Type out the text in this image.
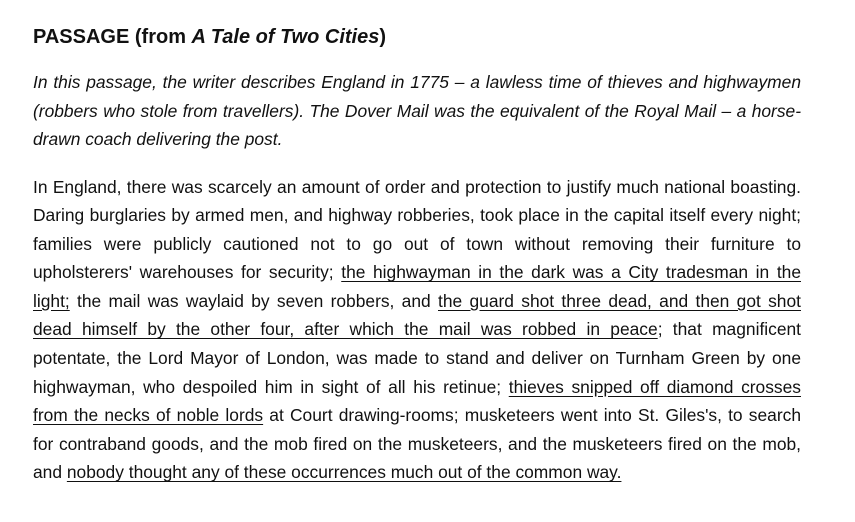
PASSAGE (from A Tale of Two Cities)

In this passage, the writer describes England in 1775 – a lawless time of thieves and highwaymen (robbers who stole from travellers). The Dover Mail was the equivalent of the Royal Mail – a horse-drawn coach delivering the post.

In England, there was scarcely an amount of order and protection to justify much national boasting. Daring burglaries by armed men, and highway robberies, took place in the capital itself every night; families were publicly cautioned not to go out of town without removing their furniture to upholsterers' warehouses for security; the highwayman in the dark was a City tradesman in the light; the mail was waylaid by seven robbers, and the guard shot three dead, and then got shot dead himself by the other four, after which the mail was robbed in peace; that magnificent potentate, the Lord Mayor of London, was made to stand and deliver on Turnham Green by one highwayman, who despoiled him in sight of all his retinue; thieves snipped off diamond crosses from the necks of noble lords at Court drawing-rooms; musketeers went into St. Giles's, to search for contraband goods, and the mob fired on the musketeers, and the musketeers fired on the mob, and nobody thought any of these occurrences much out of the common way.
